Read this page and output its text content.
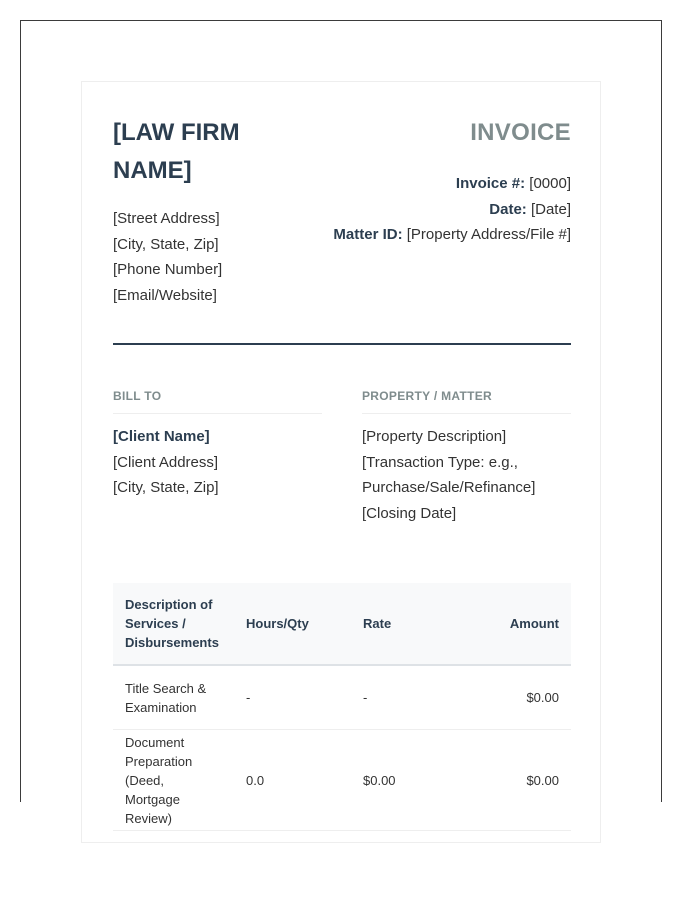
[LAW FIRM NAME]
[Street Address]
[City, State, Zip]
[Phone Number]
[Email/Website]
INVOICE
Invoice #: [0000]
Date: [Date]
Matter ID: [Property Address/File #]
BILL TO	PROPERTY / MATTER
[Client Name]
[Client Address]
[City, State, Zip]
[Property Description]
[Transaction Type: e.g., Purchase/Sale/Refinance]
[Closing Date]
Description of Services / Disbursements	Hours/Qty	Rate	Amount
Title Search & Examination	-	-	$0.00
Document Preparation (Deed, Mortgage Review)	0.0	$0.00	$0.00
